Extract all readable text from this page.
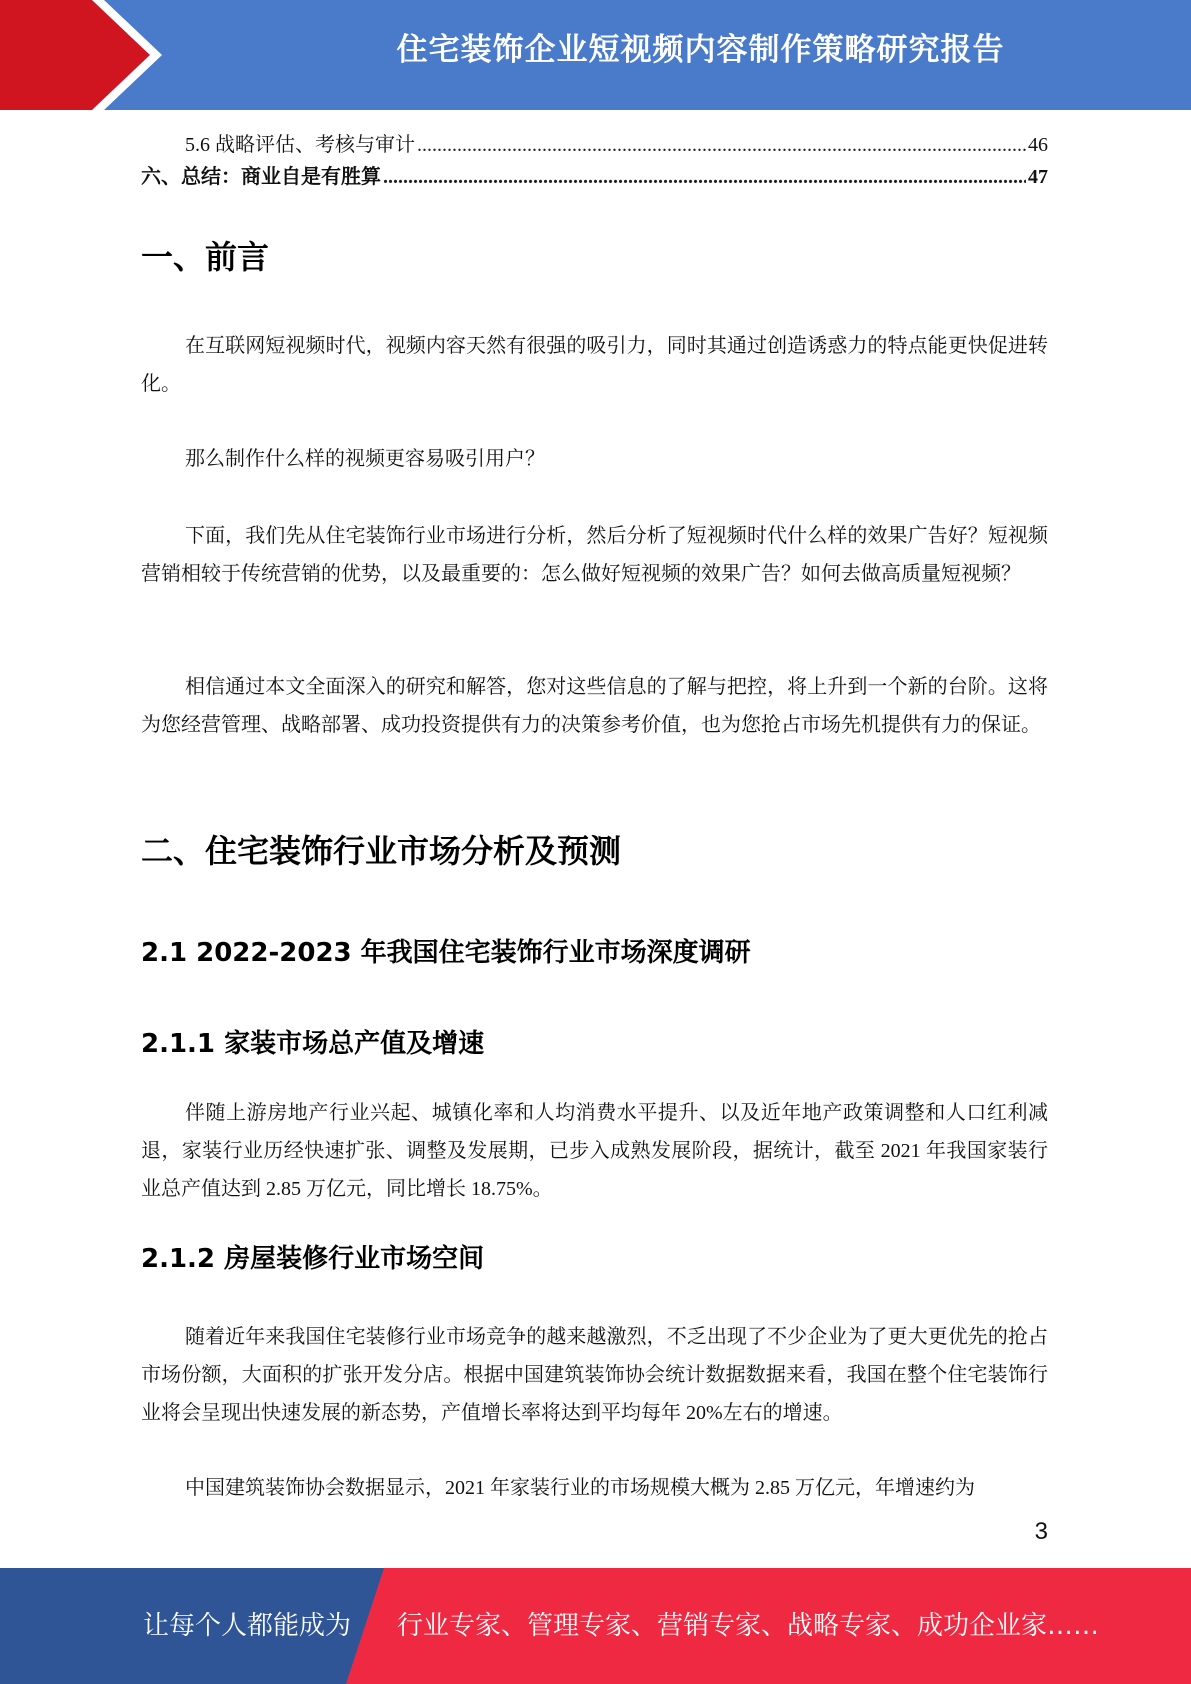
住宅装饰企业短视频内容制作策略研究报告
5.6 战略评估、考核与审计 .....	46
六、总结：商业自是有胜算 .....	47
一、前言

在互联网短视频时代，视频内容天然有很强的吸引力，同时其通过创造诱惑力的特点能更快促进转化。

那么制作什么样的视频更容易吸引用户？

下面，我们先从住宅装饰行业市场进行分析，然后分析了短视频时代什么样的效果广告好？短视频营销相较于传统营销的优势，以及最重要的：怎么做好短视频的效果广告？如何去做高质量短视频？

相信通过本文全面深入的研究和解答，您对这些信息的了解与把控，将上升到一个新的台阶。这将为您经营管理、战略部署、成功投资提供有力的决策参考价值，也为您抢占市场先机提供有力的保证。

二、住宅装饰行业市场分析及预测
2.1 2022-2023 年我国住宅装饰行业市场深度调研
2.1.1 家装市场总产值及增速

伴随上游房地产行业兴起、城镇化率和人均消费水平提升、以及近年地产政策调整和人口红利减退，家装行业历经快速扩张、调整及发展期，已步入成熟发展阶段，据统计，截至 2021 年我国家装行业总产值达到 2.85 万亿元，同比增长 18.75%。

2.1.2 房屋装修行业市场空间

随着近年来我国住宅装修行业市场竞争的越来越激烈，不乏出现了不少企业为了更大更优先的抢占市场份额，大面积的扩张开发分店。根据中国建筑装饰协会统计数据数据来看，我国在整个住宅装饰行业将会呈现出快速发展的新态势，产值增长率将达到平均每年 20%左右的增速。

中国建筑装饰协会数据显示，2021 年家装行业的市场规模大概为 2.85 万亿元，年增速约为

3
让每个人都能成为 行业专家、管理专家、营销专家、战略专家、成功企业家……
